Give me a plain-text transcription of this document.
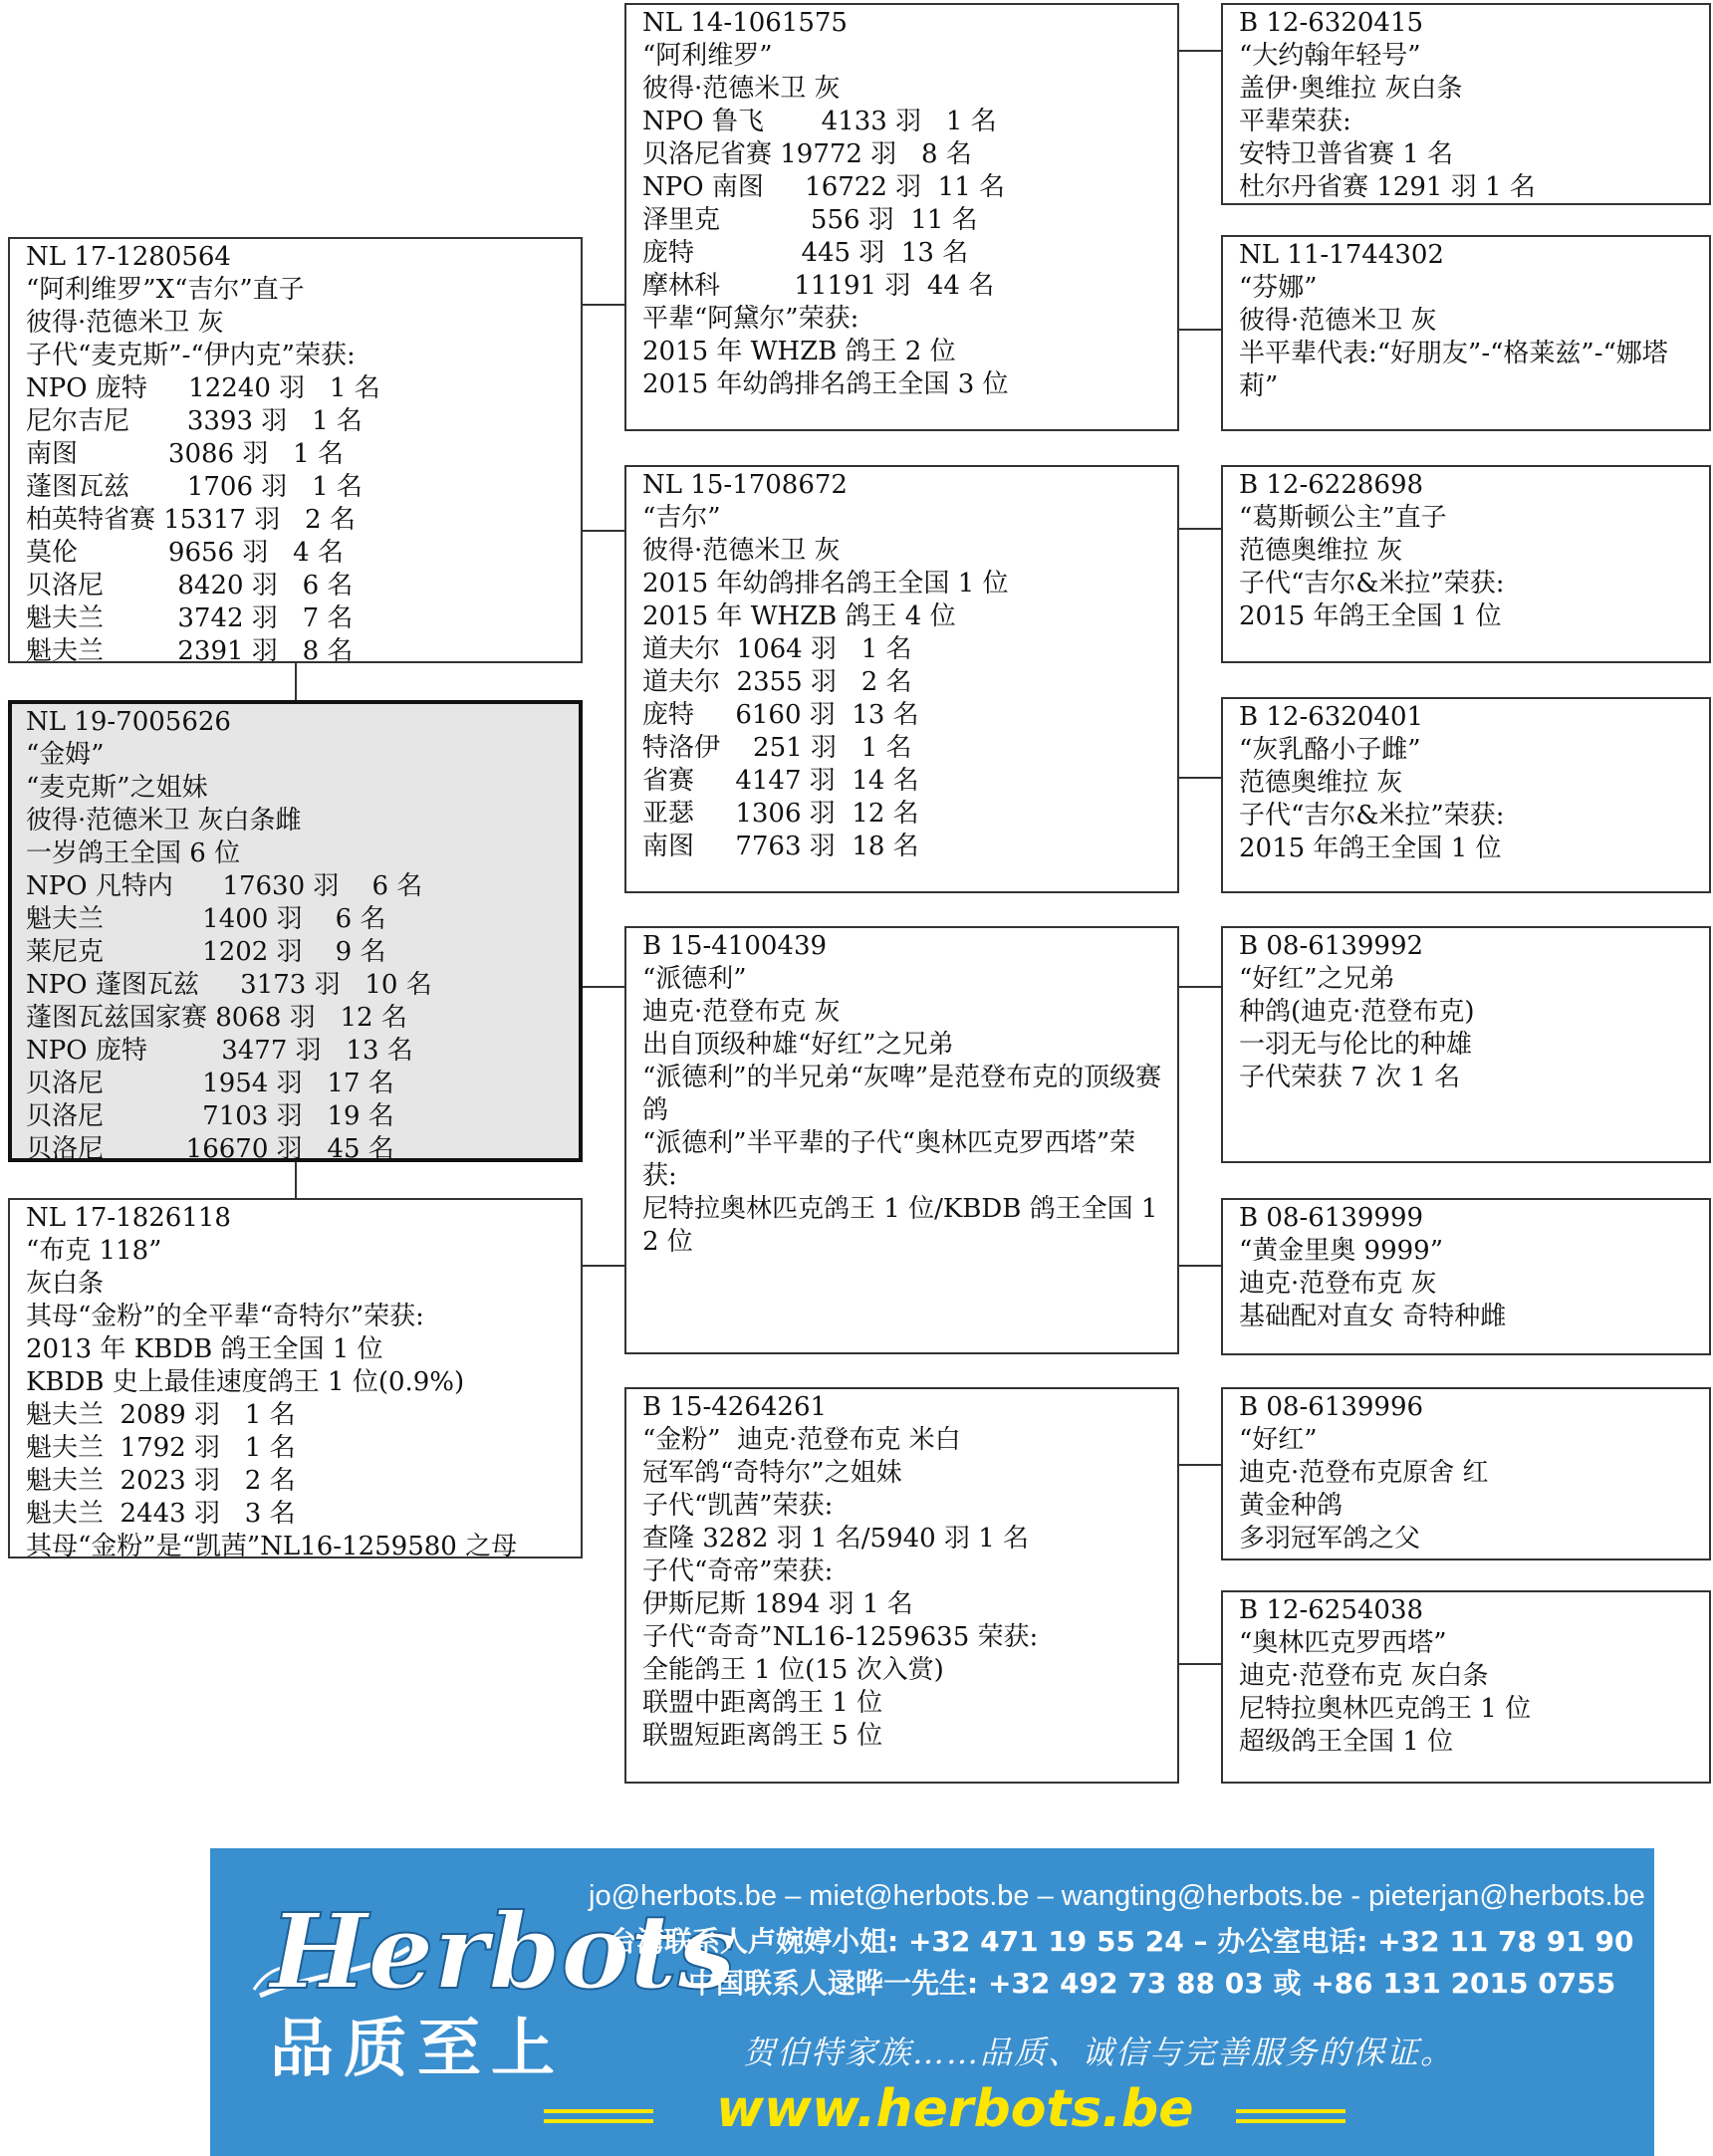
NL 17-1280564
“阿利维罗”X“吉尔”直子
彼得·范德米卫 灰
子代“麦克斯”-“伊内克”荣获:
NPO 庞特     12240 羽   1 名
尼尔吉尼       3393 羽   1 名
南图           3086 羽   1 名
蓬图瓦兹       1706 羽   1 名
柏英特省赛 15317 羽   2 名
莫伦           9656 羽   4 名
贝洛尼         8420 羽   6 名
魁夫兰         3742 羽   7 名
魁夫兰         2391 羽   8 名
NL 19-7005626
“金姆”
“麦克斯”之姐妹
彼得·范德米卫 灰白条雌
一岁鸽王全国 6 位
NPO 凡特内      17630 羽    6 名
魁夫兰            1400 羽    6 名
莱尼克            1202 羽    9 名
NPO 蓬图瓦兹     3173 羽   10 名
蓬图瓦兹国家赛 8068 羽   12 名
NPO 庞特         3477 羽   13 名
贝洛尼            1954 羽   17 名
贝洛尼            7103 羽   19 名
贝洛尼          16670 羽   45 名
NL 17-1826118
“布克 118”
灰白条
其母“金粉”的全平辈“奇特尔”荣获:
2013 年 KBDB 鸽王全国 1 位
KBDB 史上最佳速度鸽王 1 位(0.9%)
魁夫兰  2089 羽   1 名
魁夫兰  1792 羽   1 名
魁夫兰  2023 羽   2 名
魁夫兰  2443 羽   3 名
其母“金粉”是“凯茜”NL16-1259580 之母
NL 14-1061575
“阿利维罗”
彼得·范德米卫 灰
NPO 鲁飞       4133 羽   1 名
贝洛尼省赛 19772 羽   8 名
NPO 南图     16722 羽  11 名
泽里克           556 羽  11 名
庞特             445 羽  13 名
摩林科         11191 羽  44 名
平辈“阿黛尔”荣获:
2015 年 WHZB 鸽王 2 位
2015 年幼鸽排名鸽王全国 3 位
NL 15-1708672
“吉尔”
彼得·范德米卫 灰
2015 年幼鸽排名鸽王全国 1 位
2015 年 WHZB 鸽王 4 位
道夫尔  1064 羽   1 名
道夫尔  2355 羽   2 名
庞特     6160 羽  13 名
特洛伊    251 羽   1 名
省赛     4147 羽  14 名
亚瑟     1306 羽  12 名
南图     7763 羽  18 名
B 15-4100439
“派德利”
迪克·范登布克 灰
出自顶级种雄“好红”之兄弟
“派德利”的半兄弟“灰啤”是范登布克的顶级赛鸽
“派德利”半平辈的子代“奥林匹克罗西塔”荣获:
尼特拉奥林匹克鸽王 1 位/KBDB 鸽王全国 12 位
B 15-4264261
“金粉”  迪克·范登布克 米白
冠军鸽“奇特尔”之姐妹
子代“凯茜”荣获:
查隆 3282 羽 1 名/5940 羽 1 名
子代“奇帝”荣获:
伊斯尼斯 1894 羽 1 名
子代“奇奇”NL16-1259635 荣获:
全能鸽王 1 位(15 次入赏)
联盟中距离鸽王 1 位
联盟短距离鸽王 5 位
B 12-6320415
“大约翰年轻号”
盖伊·奥维拉 灰白条
平辈荣获:
安特卫普省赛 1 名
杜尔丹省赛 1291 羽 1 名
NL 11-1744302
“芬娜”
彼得·范德米卫 灰
半平辈代表:“好朋友”-“格莱兹”-“娜塔莉”
B 12-6228698
“葛斯顿公主”直子
范德奥维拉 灰
子代“吉尔&米拉”荣获:
2015 年鸽王全国 1 位
B 12-6320401
“灰乳酪小子雌”
范德奥维拉 灰
子代“吉尔&米拉”荣获:
2015 年鸽王全国 1 位
B 08-6139992
“好红”之兄弟
种鸽(迪克·范登布克)
一羽无与伦比的种雄
子代荣获 7 次 1 名
B 08-6139999
“黄金里奥 9999”
迪克·范登布克 灰
基础配对直女 奇特种雌
B 08-6139996
“好红”
迪克·范登布克原舍 红
黄金种鸽
多羽冠军鸽之父
B 12-6254038
“奥林匹克罗西塔”
迪克·范登布克 灰白条
尼特拉奥林匹克鸽王 1 位
超级鸽王全国 1 位
Herbots
品质至上
jo@herbots.be – miet@herbots.be – wangting@herbots.be - pieterjan@herbots.be
台湾联系人卢婉婷小姐: +32 471 19 55 24 – 办公室电话: +32 11 78 91 90
中国联系人逯晔一先生: +32 492 73 88 03 或 +86 131 2015 0755
贺伯特家族……品质、诚信与完善服务的保证。
www.herbots.be
